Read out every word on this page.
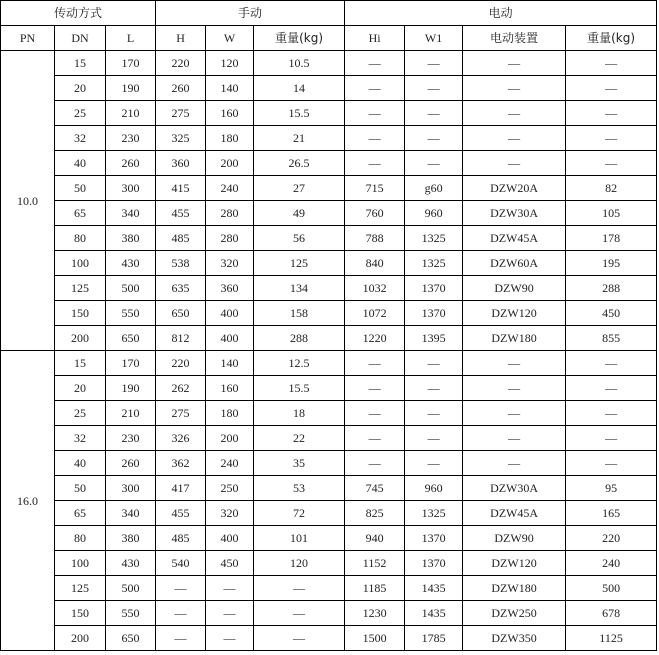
传动方式			手动			电动			
PN	DN	L	H	W	重量(kg)	Hi	W1	电动装置	重量(kg)
10.0	15	170	220	120	10.5	—	—	—	—
	20	190	260	140	14	—	—	—	—
	25	210	275	160	15.5	—	—	—	—
	32	230	325	180	21	—	—	—	—
	40	260	360	200	26.5	—	—	—	—
	50	300	415	240	27	715	g60	DZW20A	82
	65	340	455	280	49	760	960	DZW30A	105
	80	380	485	280	56	788	1325	DZW45A	178
	100	430	538	320	125	840	1325	DZW60A	195
	125	500	635	360	134	1032	1370	DZW90	288
	150	550	650	400	158	1072	1370	DZW120	450
	200	650	812	400	288	1220	1395	DZW180	855
16.0	15	170	220	140	12.5	—	—	—	—
	20	190	262	160	15.5	—	—	—	—
	25	210	275	180	18	—	—	—	—
	32	230	326	200	22	—	—	—	—
	40	260	362	240	35	—	—	—	—
	50	300	417	250	53	745	960	DZW30A	95
	65	340	455	320	72	825	1325	DZW45A	165
	80	380	485	400	101	940	1370	DZW90	220
	100	430	540	450	120	1152	1370	DZW120	240
	125	500	—	—	—	1185	1435	DZW180	500
	150	550	—	—	—	1230	1435	DZW250	678
	200	650	—	—	—	1500	1785	DZW350	1125
